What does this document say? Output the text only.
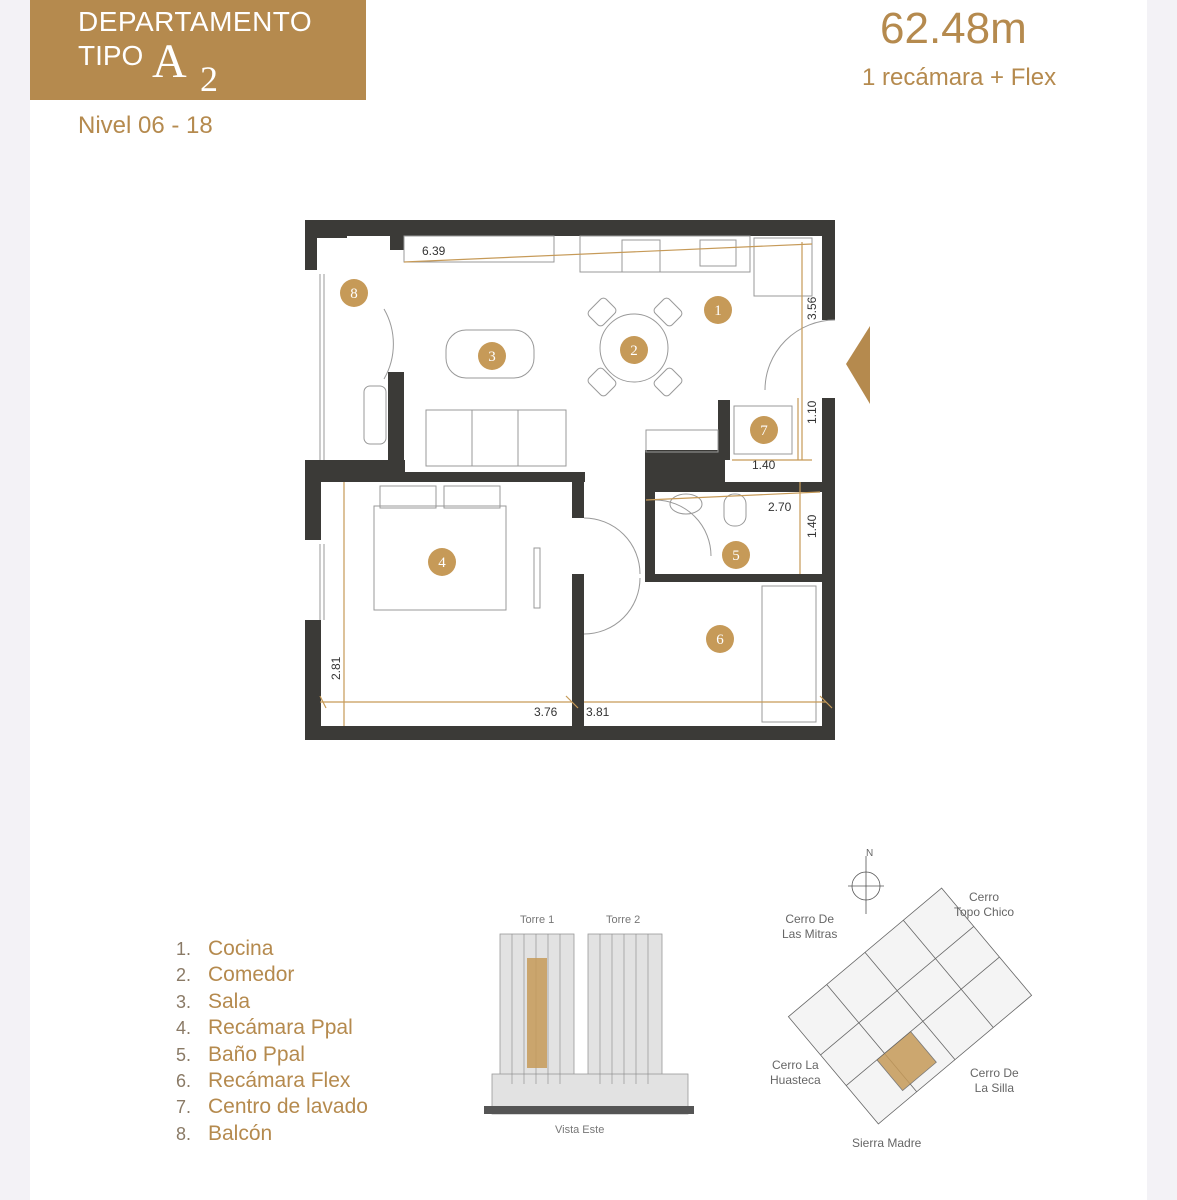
DEPARTAMENTO
TIPO A 2
Nivel 06 - 18
62.48m
1 recámara + Flex
1
2
3
4	5
6
7
8
6.39
3.56
1.10
1.40
2.70
1.40
2.81
3.76 3.81
1. Cocina
2. Comedor
3. Sala
4. Recámara Ppal
5. Baño Ppal
6. Recámara Flex
7. Centro de lavado
8. Balcón
Torre 1	Torre 2
Vista Este
N
Cerro De
Las Mitras
Cerro
Topo Chico
Cerro La
Huasteca	Cerro De
La Silla
Sierra Madre
